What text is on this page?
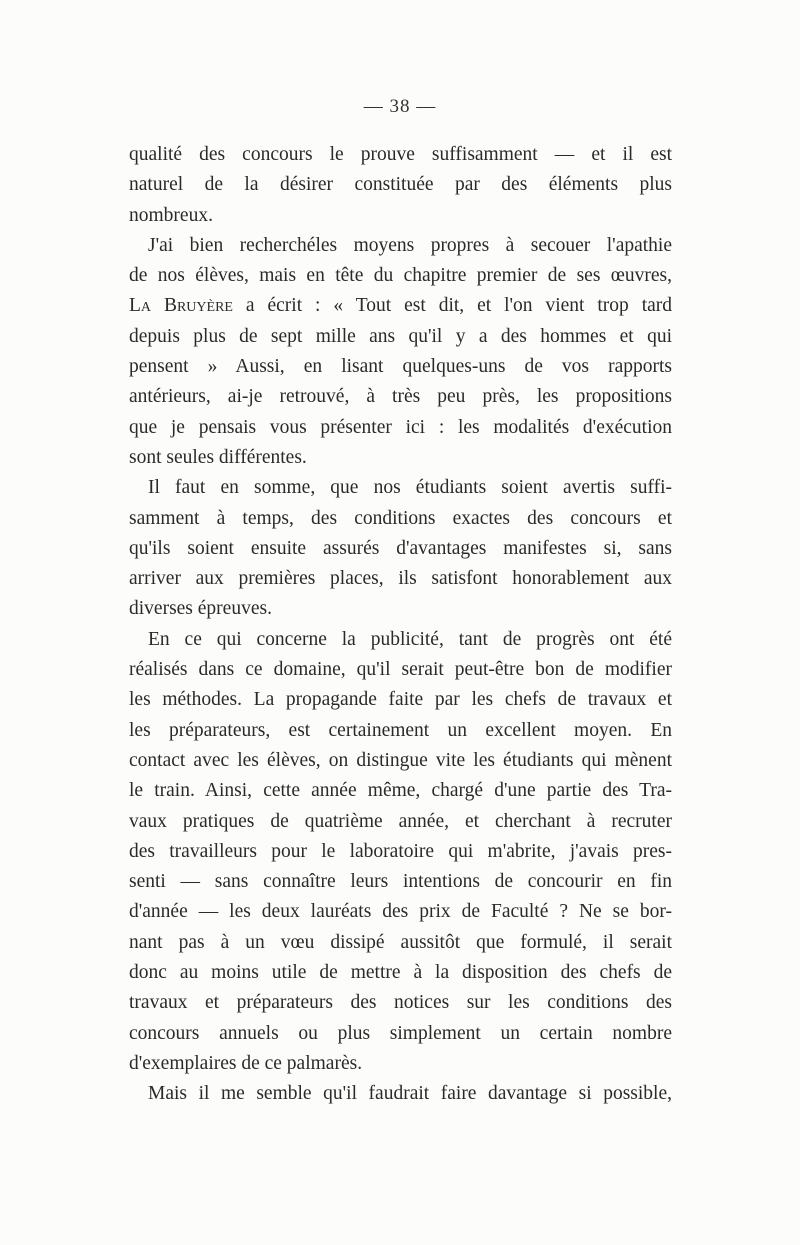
— 38 —
qualité des concours le prouve suffisamment — et il est
naturel de la désirer constituée par des éléments plus
nombreux.
J'ai bien recherchéles moyens propres à secouer l'apathie
de nos élèves, mais en tête du chapitre premier de ses œuvres,
La Bruyère a écrit : « Tout est dit, et l'on vient trop tard
depuis plus de sept mille ans qu'il y a des hommes et qui
pensent » Aussi, en lisant quelques-uns de vos rapports
antérieurs, ai-je retrouvé, à très peu près, les propositions
que je pensais vous présenter ici : les modalités d'exécution
sont seules différentes.
Il faut en somme, que nos étudiants soient avertis suffi-
samment à temps, des conditions exactes des concours et
qu'ils soient ensuite assurés d'avantages manifestes si, sans
arriver aux premières places, ils satisfont honorablement aux
diverses épreuves.
En ce qui concerne la publicité, tant de progrès ont été
réalisés dans ce domaine, qu'il serait peut-être bon de modifier
les méthodes. La propagande faite par les chefs de travaux et
les préparateurs, est certainement un excellent moyen. En
contact avec les élèves, on distingue vite les étudiants qui mènent
le train. Ainsi, cette année même, chargé d'une partie des Tra-
vaux pratiques de quatrième année, et cherchant à recruter
des travailleurs pour le laboratoire qui m'abrite, j'avais pres-
senti — sans connaître leurs intentions de concourir en fin
d'année — les deux lauréats des prix de Faculté ? Ne se bor-
nant pas à un vœu dissipé aussitôt que formulé, il serait
donc au moins utile de mettre à la disposition des chefs de
travaux et préparateurs des notices sur les conditions des
concours annuels ou plus simplement un certain nombre
d'exemplaires de ce palmarès.
Mais il me semble qu'il faudrait faire davantage si possible,
